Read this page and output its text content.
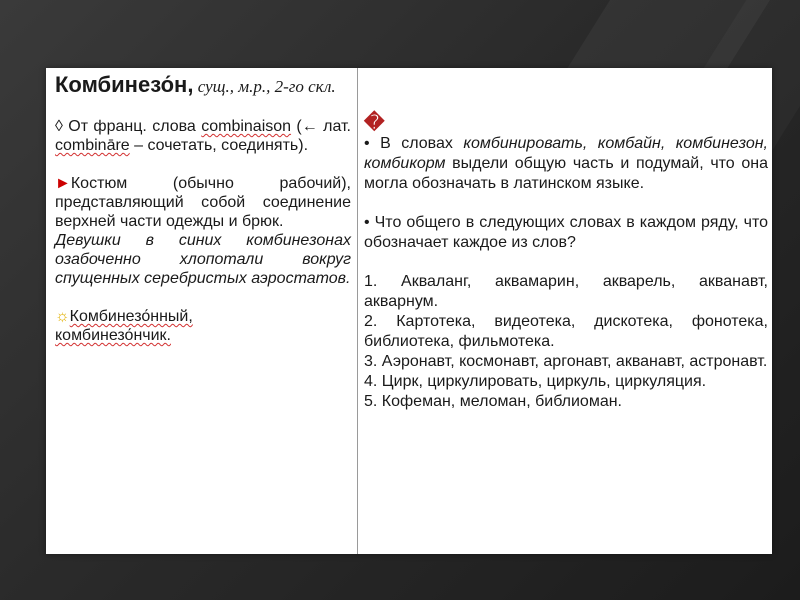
Комбинезо́н, сущ., м.р., 2-го скл.

◊ От франц. слова combinaison (← лат. combināre – сочетать, соединять).

►Костюм (обычно рабочий), представляющий собой соединение верхней части одежды и брюк.

Девушки в синих комбинезонах озабоченно хлопотали вокруг спущенных серебристых аэростатов.

☼Комбинезо́нный,
комбинезо́нчик.

�

• В словах комбинировать, комбайн, комбинезон, комбикорм выдели общую часть и подумай, что она могла обозначать в латинском языке.

• Что общего в следующих словах в каждом ряду, что обозначает каждое из слов?

1. Акваланг, аквамарин, акварель, акванавт, акварнум.

2. Картотека, видеотека, дискотека, фонотека, библиотека, фильмотека.

3. Аэронавт, космонавт, аргонавт, акванавт, астронавт.

4. Цирк, циркулировать, циркуль, циркуляция.

5. Кофеман, меломан, библиоман.
